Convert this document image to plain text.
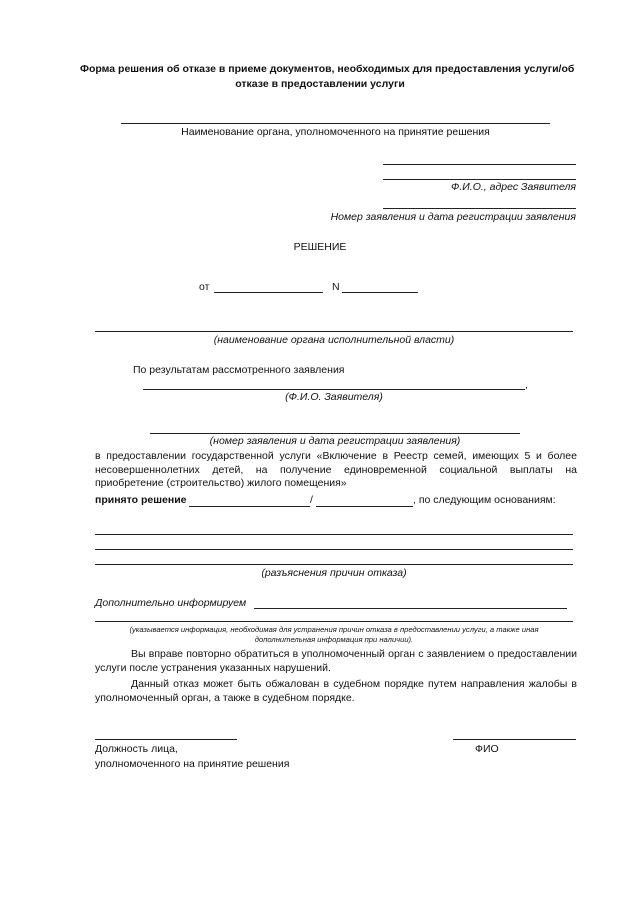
Форма решения об отказе в приеме документов, необходимых для предоставления услуги/об
отказе в предоставлении услуги
Наименование органа, уполномоченного на принятие решения
Ф.И.О., адрес Заявителя
Номер заявления и дата регистрации заявления
РЕШЕНИЕ
от	N
(наименование органа исполнительной власти)
По результатам рассмотренного заявления
,
(Ф.И.О. Заявителя)
(номер заявления и дата регистрации заявления)
в предоставлении государственной услуги «Включение в Реестр семей, имеющих 5 и более несовершеннолетних детей, на получение единовременной социальной выплаты на приобретение (строительство) жилого помещения»
принято решение	/	, по следующим основаниям:
(разъяснения причин отказа)
Дополнительно информируем
(указывается информация, необходимая для устранения причин отказа в предоставлении услуги, а также иная
дополнительная информация при наличии).
Вы вправе повторно обратиться в уполномоченный орган с заявлением о предоставлении услуги после устранения указанных нарушений.
Данный отказ может быть обжалован в судебном порядке путем направления жалобы в уполномоченный орган, а также в судебном порядке.
Должность лица,	ФИО
уполномоченного на принятие решения
